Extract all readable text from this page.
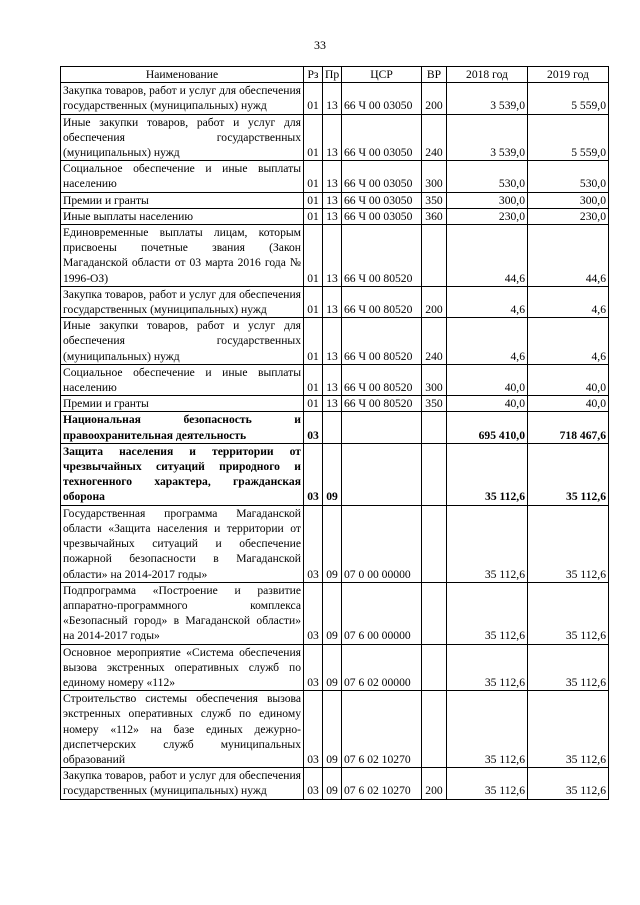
33
Наименование	Рз	Пр	ЦСР	ВР	2018 год	2019 год
Закупка товаров, работ и услуг для обеспечения государственных (муниципальных) нужд	01	13	66 Ч 00 03050	200	3 539,0	5 559,0
Иные закупки товаров, работ и услуг для обеспечения государственных (муниципальных) нужд	01	13	66 Ч 00 03050	240	3 539,0	5 559,0
Социальное обеспечение и иные выплаты населению	01	13	66 Ч 00 03050	300	530,0	530,0
Премии и гранты	01	13	66 Ч 00 03050	350	300,0	300,0
Иные выплаты населению	01	13	66 Ч 00 03050	360	230,0	230,0
Единовременные выплаты лицам, которым присвоены почетные звания (Закон Магаданской области от 03 марта 2016 года № 1996-ОЗ)	01	13	66 Ч 00 80520		44,6	44,6
Закупка товаров, работ и услуг для обеспечения государственных (муниципальных) нужд	01	13	66 Ч 00 80520	200	4,6	4,6
Иные закупки товаров, работ и услуг для обеспечения государственных (муниципальных) нужд	01	13	66 Ч 00 80520	240	4,6	4,6
Социальное обеспечение и иные выплаты населению	01	13	66 Ч 00 80520	300	40,0	40,0
Премии и гранты	01	13	66 Ч 00 80520	350	40,0	40,0
Национальная безопасность и правоохранительная деятельность	03				695 410,0	718 467,6
Защита населения и территории от чрезвычайных ситуаций природного и техногенного характера, гражданская оборона	03	09			35 112,6	35 112,6
Государственная программа Магаданской области «Защита населения и территории от чрезвычайных ситуаций и обеспечение пожарной безопасности в Магаданской области» на 2014-2017 годы»	03	09	07 0 00 00000		35 112,6	35 112,6
Подпрограмма «Построение и развитие аппаратно-программного комплекса «Безопасный город» в Магаданской области» на 2014-2017 годы»	03	09	07 6 00 00000		35 112,6	35 112,6
Основное мероприятие «Система обеспечения вызова экстренных оперативных служб по единому номеру «112»	03	09	07 6 02 00000		35 112,6	35 112,6
Строительство системы обеспечения вызова экстренных оперативных служб по единому номеру «112» на базе единых дежурно-диспетчерских служб муниципальных образований	03	09	07 6 02 10270		35 112,6	35 112,6
Закупка товаров, работ и услуг для обеспечения государственных (муниципальных) нужд	03	09	07 6 02 10270	200	35 112,6	35 112,6
